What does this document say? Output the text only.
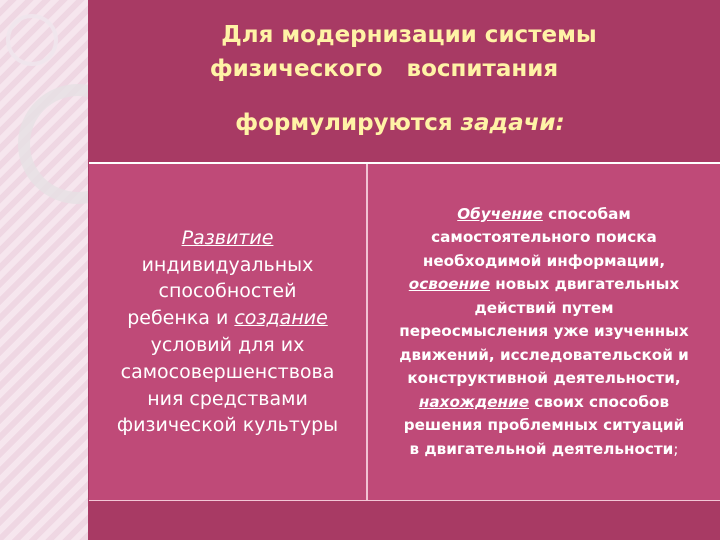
Для модернизации системы
физического   воспитания
формулируются задачи:
Развитие
индивидуальных
способностей
ребенка и создание
условий для их
самосовершенствова
ния средствами
физической культуры
Обучение способам
самостоятельного поиска
необходимой информации,
освоение новых двигательных
действий путем
переосмысления уже изученных
движений, исследовательской и
конструктивной деятельности,
нахождение своих способов
решения проблемных ситуаций
в двигательной деятельности;
